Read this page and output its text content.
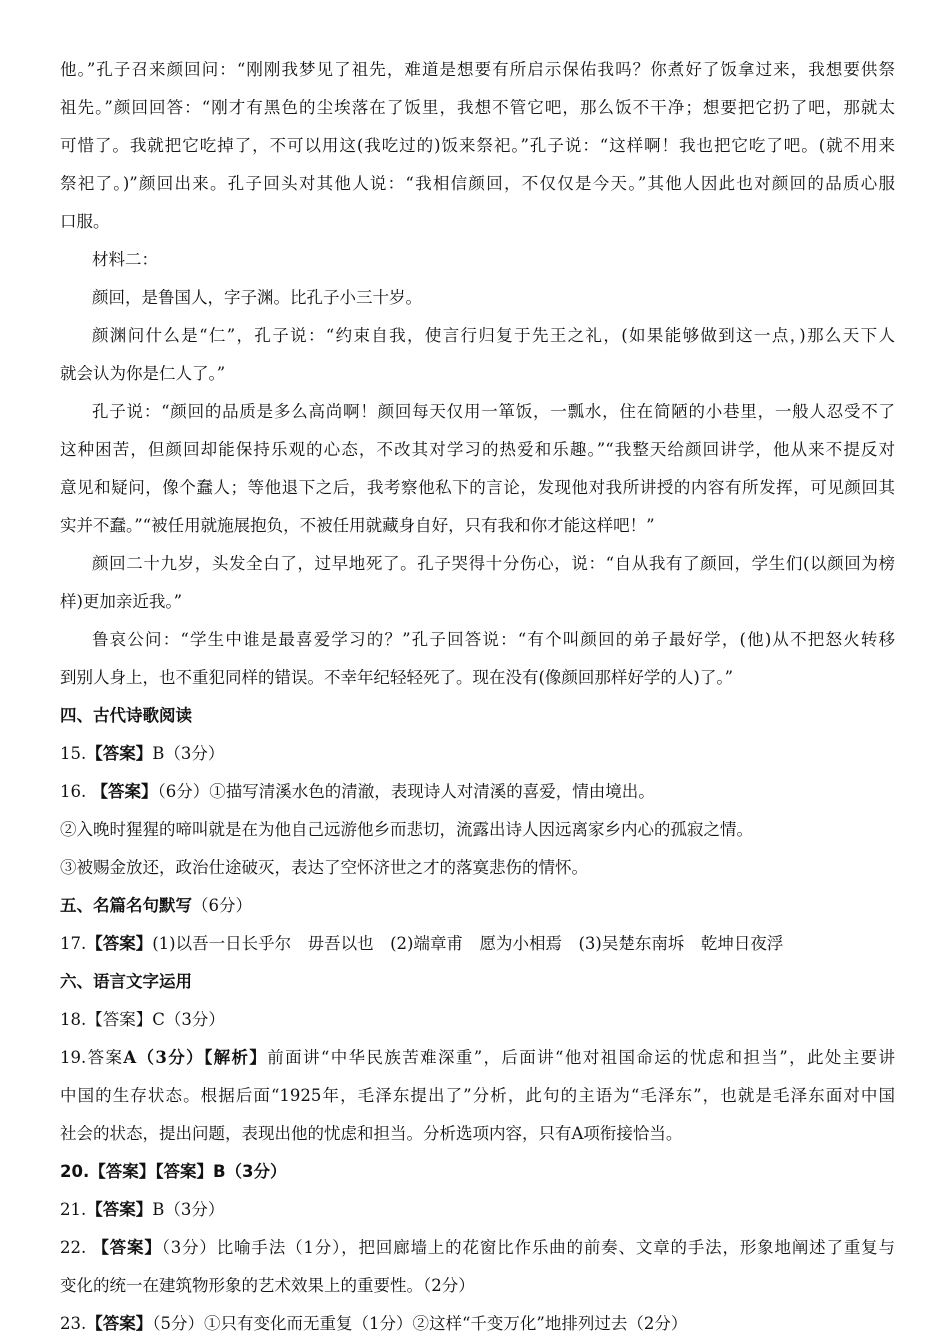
他。”孔子召来颜回问：“刚刚我梦见了祖先，难道是想要有所启示保佑我吗？你煮好了饭拿过来，我想要供祭
祖先。”颜回回答：“刚才有黑色的尘埃落在了饭里，我想不管它吧，那么饭不干净；想要把它扔了吧，那就太
可惜了。我就把它吃掉了，不可以用这(我吃过的)饭来祭祀。”孔子说：“这样啊！我也把它吃了吧。(就不用来
祭祀了。)”颜回出来。孔子回头对其他人说：“我相信颜回，不仅仅是今天。”其他人因此也对颜回的品质心服
口服。
材料二：
颜回，是鲁国人，字子渊。比孔子小三十岁。
颜渊问什么是“仁”，孔子说：“约束自我，使言行归复于先王之礼，(如果能够做到这一点，)那么天下人
就会认为你是仁人了。”
孔子说：“颜回的品质是多么高尚啊！颜回每天仅用一箪饭，一瓢水，住在简陋的小巷里，一般人忍受不了
这种困苦，但颜回却能保持乐观的心态，不改其对学习的热爱和乐趣。”“我整天给颜回讲学，他从来不提反对
意见和疑问，像个蠢人；等他退下之后，我考察他私下的言论，发现他对我所讲授的内容有所发挥，可见颜回其
实并不蠢。”“被任用就施展抱负，不被任用就藏身自好，只有我和你才能这样吧！”
颜回二十九岁，头发全白了，过早地死了。孔子哭得十分伤心，说：“自从我有了颜回，学生们(以颜回为榜
样)更加亲近我。”
鲁哀公问：“学生中谁是最喜爱学习的？”孔子回答说：“有个叫颜回的弟子最好学，(他)从不把怒火转移
到别人身上，也不重犯同样的错误。不幸年纪轻轻死了。现在没有(像颜回那样好学的人)了。”
四、古代诗歌阅读
15.【答案】B（3分）
16. 【答案】（6分）①描写清溪水色的清澈，表现诗人对清溪的喜爱，情由境出。
②入晚时猩猩的啼叫就是在为他自己远游他乡而悲切，流露出诗人因远离家乡内心的孤寂之情。
③被赐金放还，政治仕途破灭，表达了空怀济世之才的落寞悲伤的情怀。
五、名篇名句默写（6分）
17.【答案】(1)以吾一日长乎尔　毋吾以也　(2)端章甫　愿为小相焉　(3)吴楚东南坼　乾坤日夜浮
六、语言文字运用
18.【答案】C（3分）
19.答案A（3分）【解析】前面讲“中华民族苦难深重”，后面讲“他对祖国命运的忧虑和担当”，此处主要讲
中国的生存状态。根据后面“1925年，毛泽东提出了”分析，此句的主语为“毛泽东”，也就是毛泽东面对中国
社会的状态，提出问题，表现出他的忧虑和担当。分析选项内容，只有A项衔接恰当。
20.【答案】【答案】B（3分）
21.【答案】B（3分）
22. 【答案】（3分）比喻手法（1分），把回廊墙上的花窗比作乐曲的前奏、文章的手法，形象地阐述了重复与
变化的统一在建筑物形象的艺术效果上的重要性。（2分）
23.【答案】（5分）①只有变化而无重复（1分）②这样“千变万化”地排列过去（2分）
